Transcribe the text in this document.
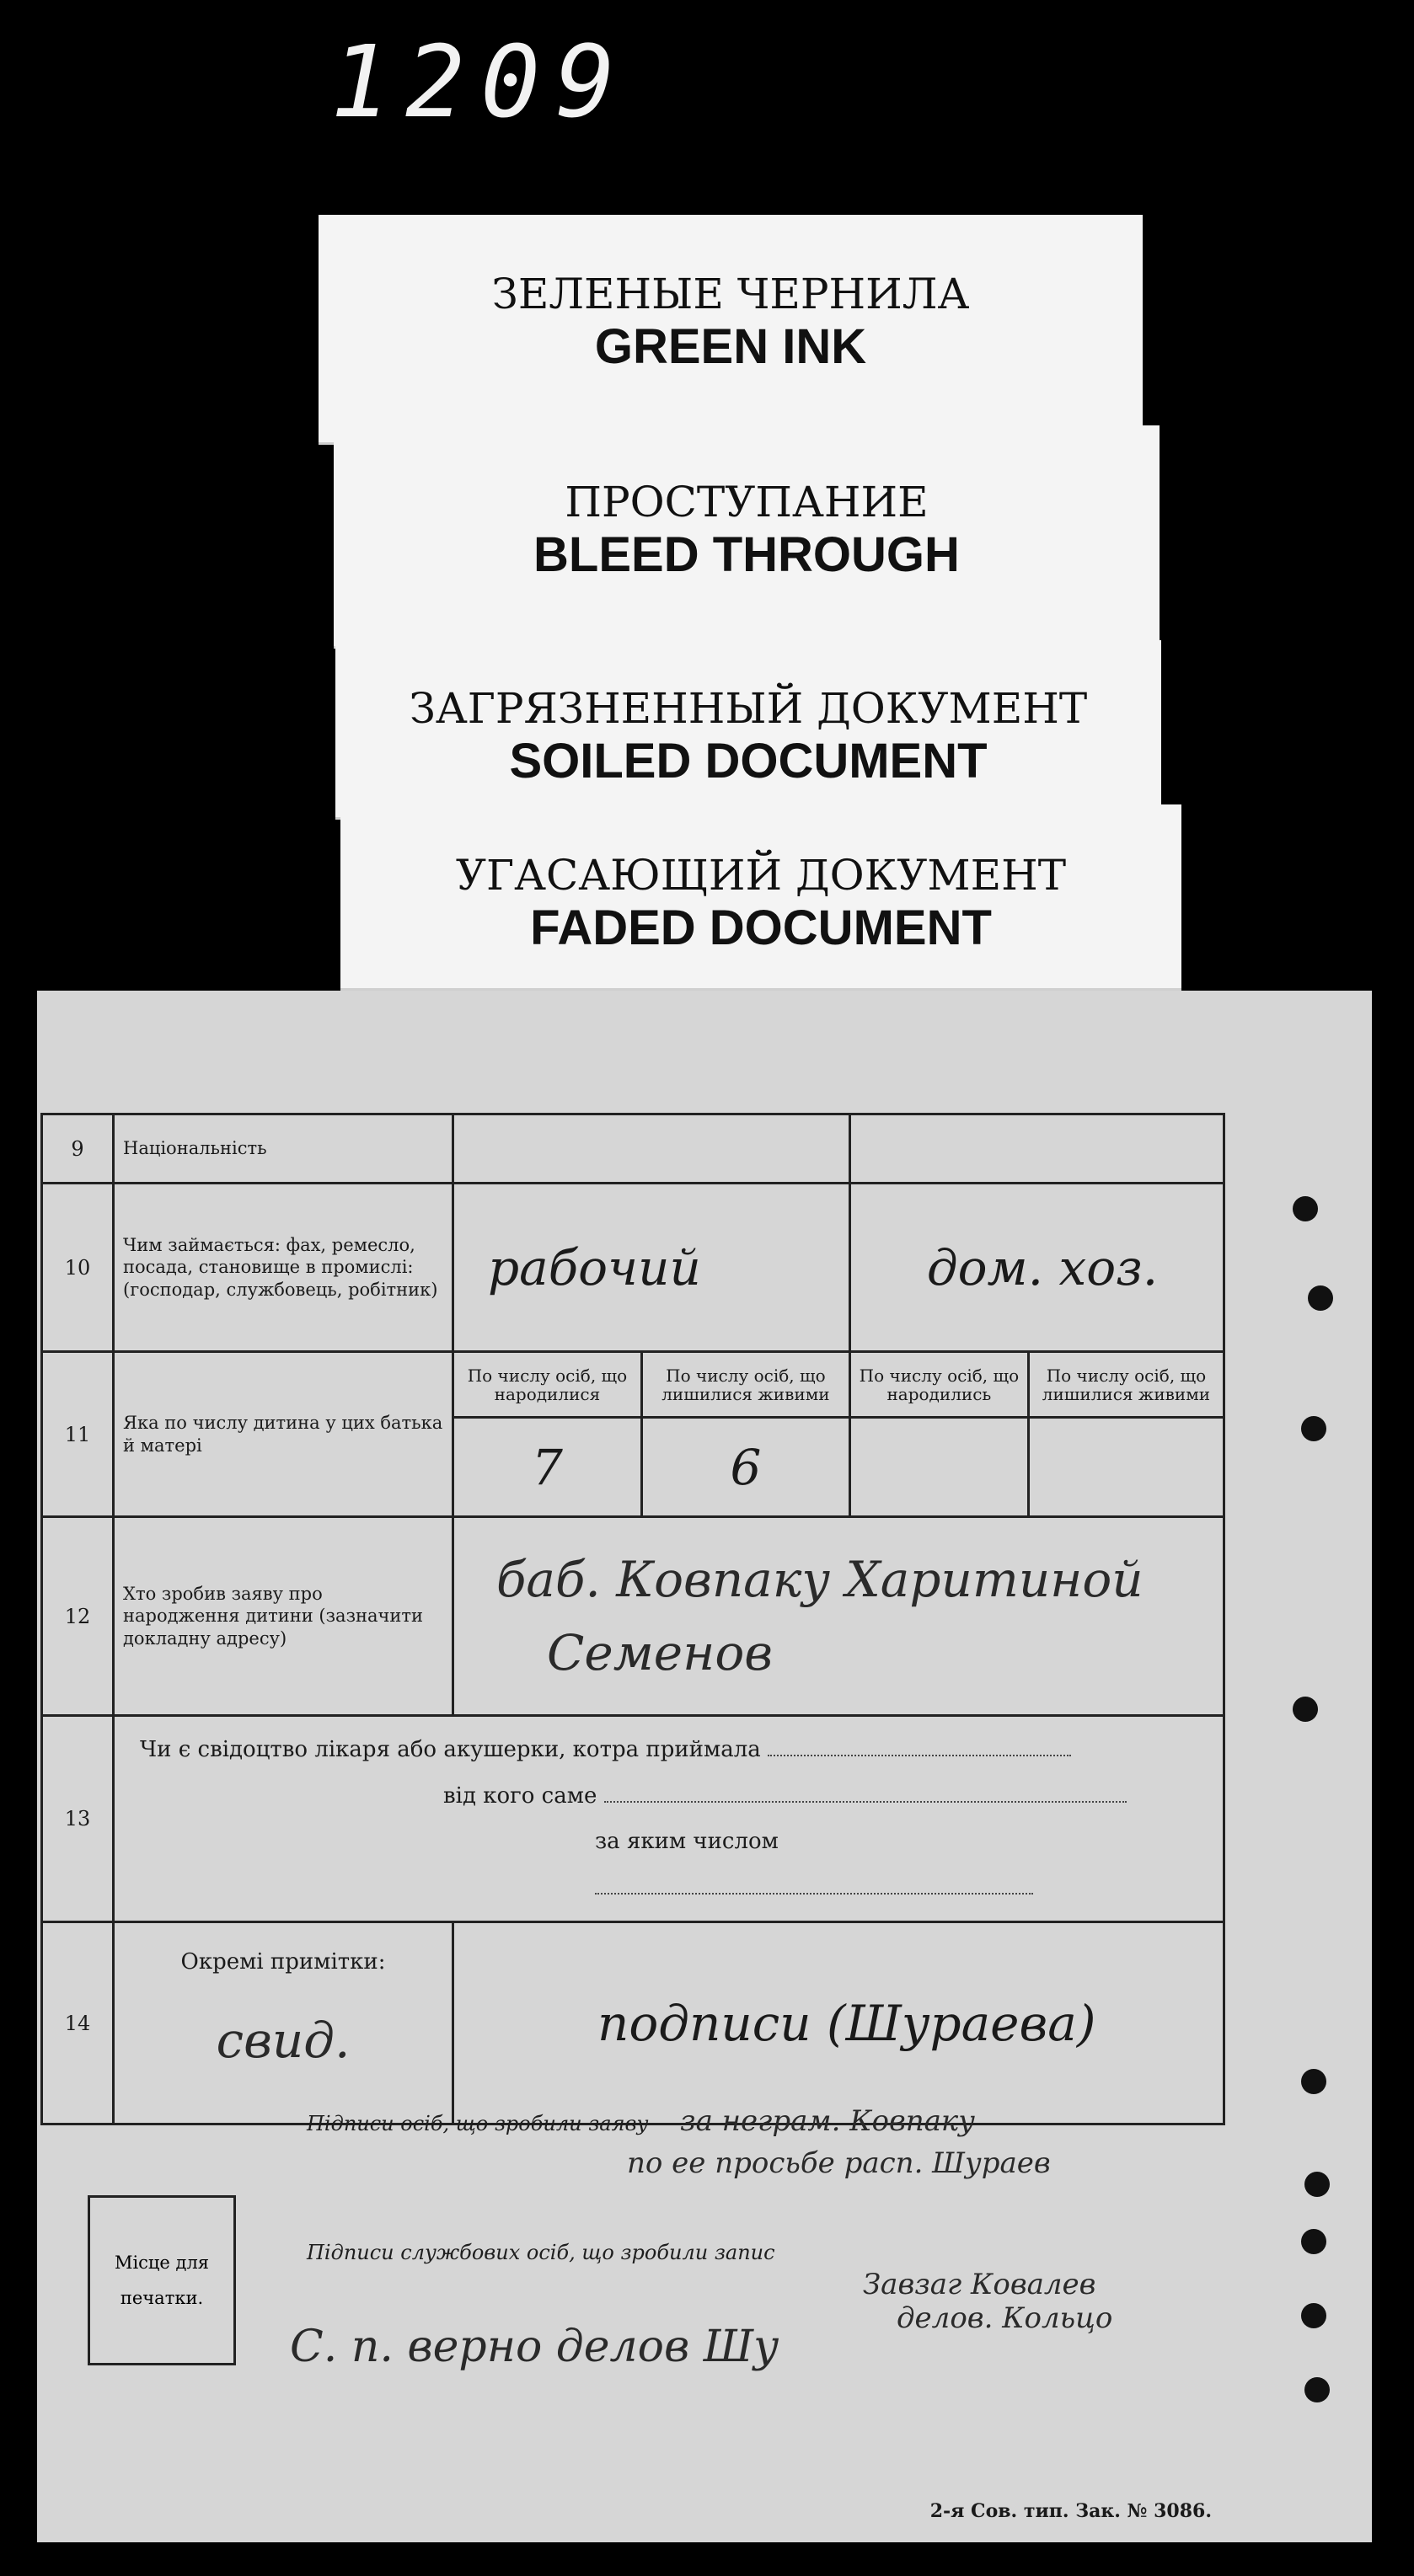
1209
ЗЕЛЕНЫЕ ЧЕРНИЛА
GREEN INK
ПРОСТУПАНИЕ
BLEED THROUGH
ЗАГРЯЗНЕННЫЙ ДОКУМЕНТ
SOILED DOCUMENT
УГАСАЮЩИЙ ДОКУМЕНТ
FADED DOCUMENT
9	Національність				
10	Чим займається: фах, ремесло, посада, становище в промислі: (господар, службовець, робітник)	рабочий		дом. хоз.	
11	Яка по числу дитина у цих батька й матері	По числу осіб, що народилися	По числу осіб, що лишилися живими	По числу осіб, що народились	По числу осіб, що лишилися живими
		7	6		
12	Хто зробив заяву про народження дитини (зазначити докладну адресу)	баб. Ковпаку Харитиной
Семенов			

13	Чи є свідоцтво лікаря або акушерки, котра приймала
від кого саме
за яким числом				

14	Окремі примітки:
свид.	подписи (Шураева)			
Підписи осіб, що зробили заяву за неграм. Ковпаку
по ее просьбе расп. Шураев
Підписи службових осіб, що зробили запис
Завзаг Ковалев
делов. Кольцо
С. п. верно делов Шу
Місце для печатки.
2-я Сов. тип. Зак. № 3086.
